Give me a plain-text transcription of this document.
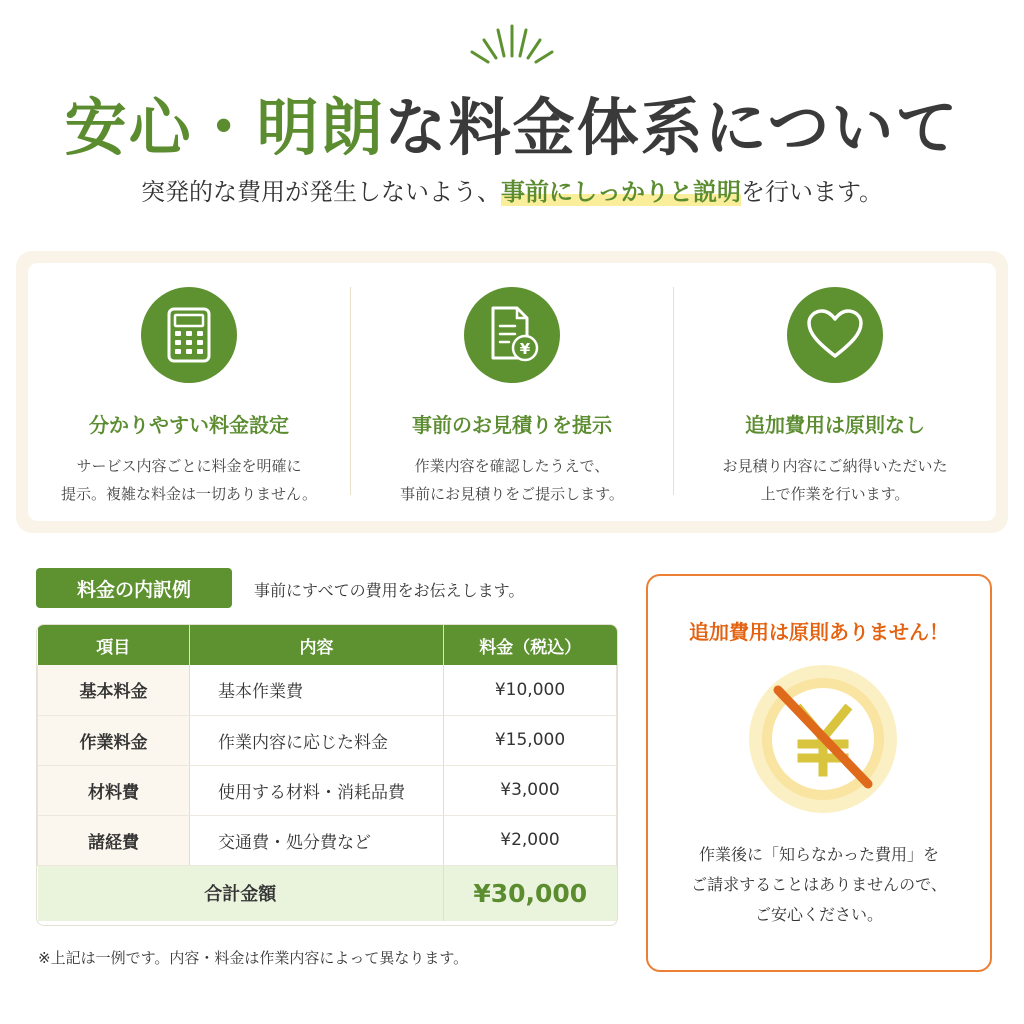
安心・明朗な料金体系について

突発的な費用が発生しないよう、事前にしっかりと説明を行います。

分かりやすい料金設定
サービス内容ごとに料金を明確に
提示。複雑な料金は一切ありません。
¥
事前のお見積りを提示
作業内容を確認したうえで、
事前にお見積りをご提示します。
追加費用は原則なし
お見積り内容にご納得いただいた
上で作業を行います。
料金の内訳例	事前にすべての費用をお伝えします。
項目	内容	料金（税込）
基本料金	基本作業費	¥10,000
作業料金	作業内容に応じた料金	¥15,000
材料費	使用する材料・消耗品費	¥3,000
諸経費	交通費・処分費など	¥2,000
合計金額		¥30,000
※上記は一例です。内容・料金は作業内容によって異なります。
追加費用は原則ありません！
作業後に「知らなかった費用」を
ご請求することはありませんので、
ご安心ください。
